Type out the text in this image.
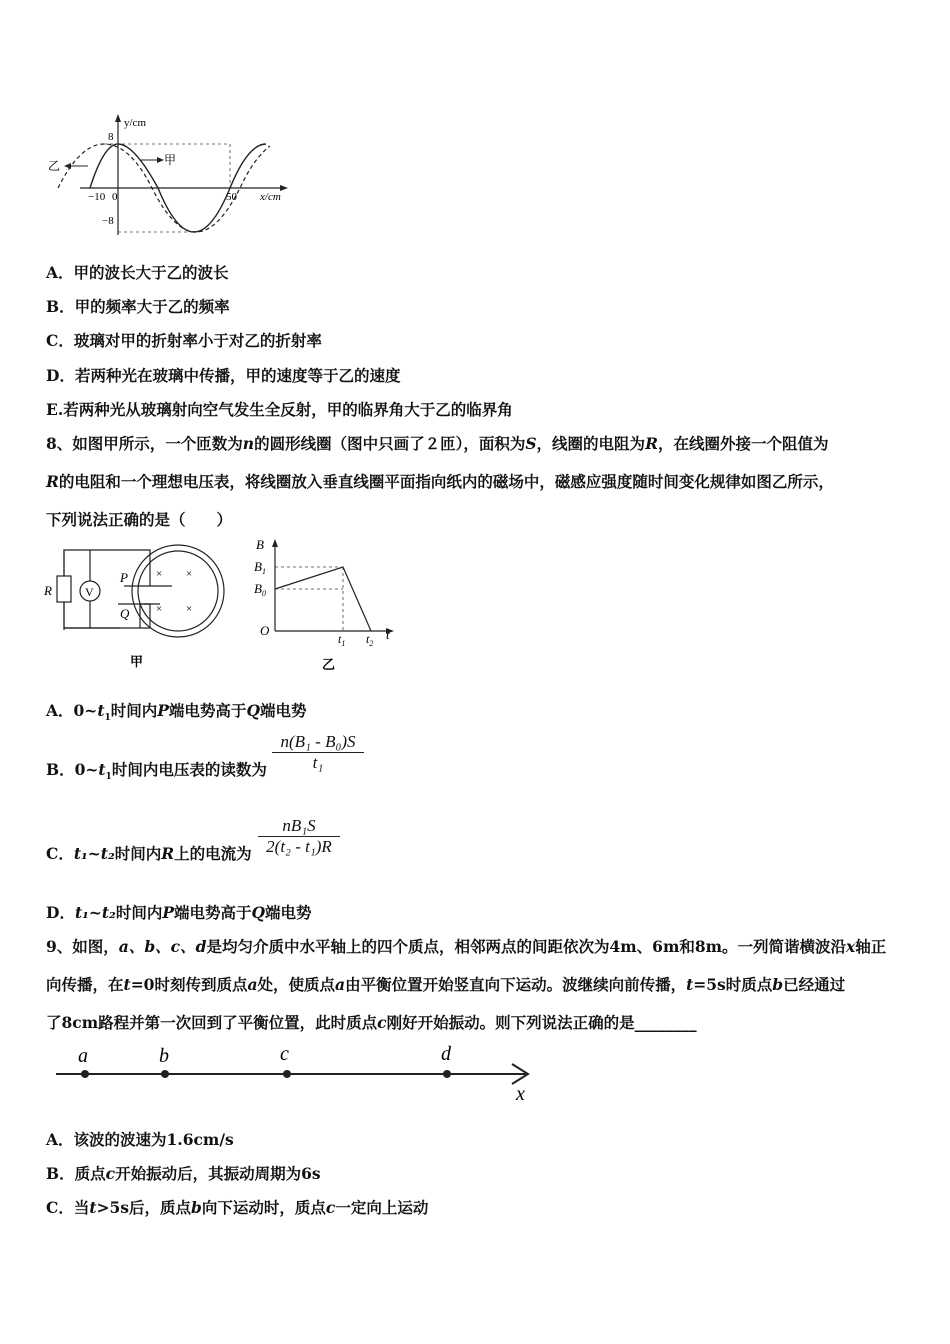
y/cm
x/cm
8
−8
−10 0	50
甲
乙
A．甲的波长大于乙的波长
B．甲的频率大于乙的频率
C．玻璃对甲的折射率小于对乙的折射率
D．若两种光在玻璃中传播，甲的速度等于乙的速度
E.若两种光从玻璃射向空气发生全反射，甲的临界角大于乙的临界角
8、如图甲所示，一个匝数为n的圆形线圈（图中只画了２匝），面积为S，线圈的电阻为R，在线圈外接一个阻值为
R的电阻和一个理想电压表，将线圈放入垂直线圈平面指向纸内的磁场中，磁感应强度随时间变化规律如图乙所示，
下列说法正确的是（　　）
V
× ×
× ×
R
P
Q
甲
B
$B_1$
$B_0$
O
$t_1$ $t_2$
t
乙
A．$0\sim t_1$时间内P端电势高于Q端电势
B．$0\sim t_1$时间内电压表的读数为 $\frac{\text{n(B₁ - B₀)S}}{\text{t₁}}$
C．t₁~t₂时间内R上的电流为 $\frac{\text{nB₁S}}{\text{2(t₂ - t₁)R}}$
D．t₁~t₂时间内P端电势高于Q端电势
9、如图，a、b、c、d是均匀介质中水平轴上的四个质点，相邻两点的间距依次为4m、6m和8m。一列简谐横波沿x轴正
向传播，在t=0时刻传到质点a处，使质点a由平衡位置开始竖直向下运动。波继续向前传播，t=5s时质点b已经通过
了8cm路程并第一次回到了平衡位置，此时质点c刚好开始振动。则下列说法正确的是________
a	b	c	d
x
A．该波的波速为1.6cm/s
B．质点c开始振动后，其振动周期为6s
C．当t>5s后，质点b向下运动时，质点c一定向上运动
